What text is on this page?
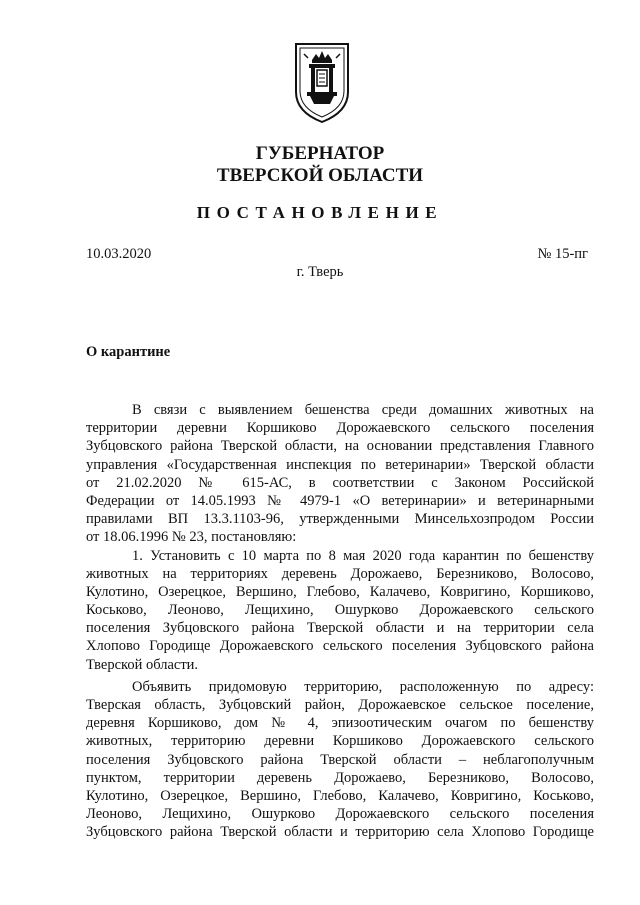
ГУБЕРНАТОР
ТВЕРСКОЙ ОБЛАСТИ
ПОСТАНОВЛЕНИЕ
10.03.2020	№ 15-пг
г. Тверь
О карантине
В связи с выявлением бешенства среди домашних животных на
территории деревни Коршиково Дорожаевского сельского поселения
Зубцовского района Тверской области, на основании представления Главного
управления «Государственная инспекция по ветеринарии» Тверской области
от 21.02.2020 № 615-АС, в соответствии с Законом Российской
Федерации от 14.05.1993 № 4979-1 «О ветеринарии» и ветеринарными
правилами ВП 13.3.1103-96, утвержденными Минсельхозпродом России
от 18.06.1996 № 23, постановляю:
1. Установить с 10 марта по 8 мая 2020 года карантин по бешенству
животных на территориях деревень Дорожаево, Березниково, Волосово,
Кулотино, Озерецкое, Вершино, Глебово, Калачево, Ковригино, Коршиково,
Коськово, Леоново, Лещихино, Ошурково Дорожаевского сельского
поселения Зубцовского района Тверской области и на территории села
Хлопово Городище Дорожаевского сельского поселения Зубцовского района
Тверской области.
Объявить придомовую территорию, расположенную по адресу:
Тверская область, Зубцовский район, Дорожаевское сельское поселение,
деревня Коршиково, дом № 4, эпизоотическим очагом по бешенству
животных, территорию деревни Коршиково Дорожаевского сельского
поселения Зубцовского района Тверской области – неблагополучным
пунктом, территории деревень Дорожаево, Березниково, Волосово,
Кулотино, Озерецкое, Вершино, Глебово, Калачево, Ковригино, Коськово,
Леоново, Лещихино, Ошурково Дорожаевского сельского поселения
Зубцовского района Тверской области и территорию села Хлопово Городище
